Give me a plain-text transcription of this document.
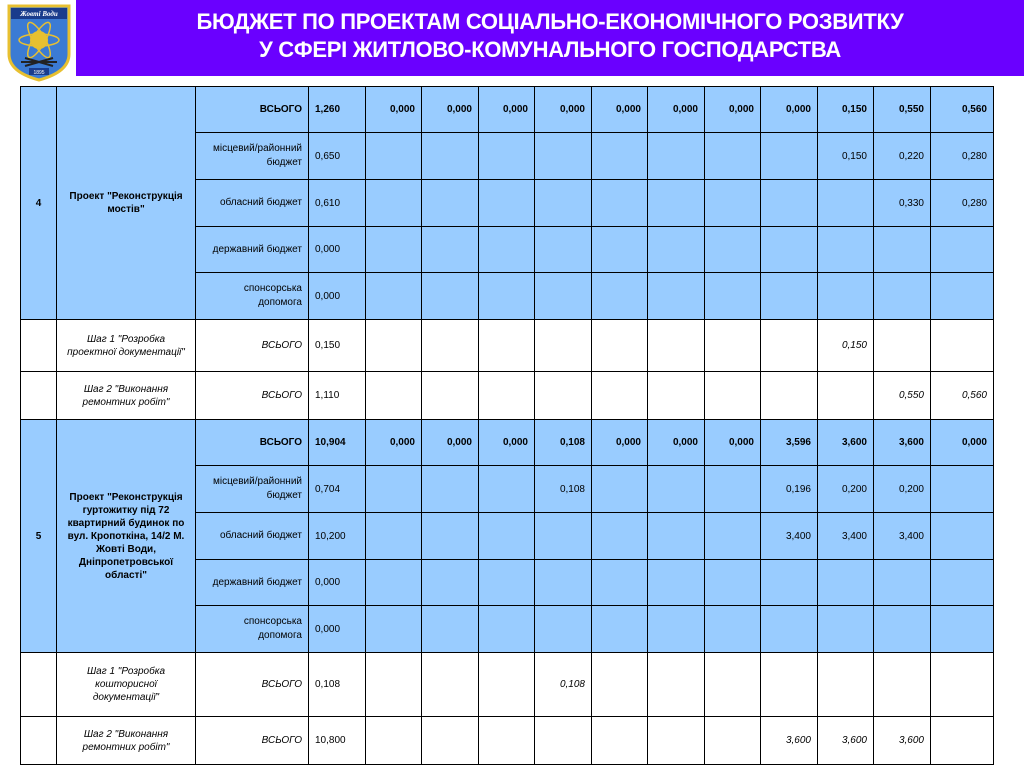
БЮДЖЕТ ПО ПРОЕКТАМ СОЦІАЛЬНО-ЕКОНОМІЧНОГО РОЗВИТКУ
У СФЕРІ ЖИТЛОВО-КОМУНАЛЬНОГО ГОСПОДАРСТВА
Жовті Води
1895
4	Проект "Реконструкція мостів"	ВСЬОГО	1,260	0,000	0,000	0,000	0,000	0,000	0,000	0,000	0,000	0,150	0,550	0,560
		місцевий/районний бюджет	0,650									0,150	0,220	0,280
		обласний бюджет	0,610										0,330	0,280
		державний бюджет	0,000											
		спонсорська допомога	0,000											
	Шаг 1 "Розробка проектної документації"	ВСЬОГО	0,150									0,150		
	Шаг 2 "Виконання ремонтних робіт"	ВСЬОГО	1,110										0,550	0,560
5	Проект "Реконструкція гуртожитку під 72 квартирний будинок по вул. Кропоткіна, 14/2 М. Жовті Води, Дніпропетровської області"	ВСЬОГО	10,904	0,000	0,000	0,000	0,108	0,000	0,000	0,000	3,596	3,600	3,600	0,000
		місцевий/районний бюджет	0,704				0,108				0,196	0,200	0,200	
		обласний бюджет	10,200								3,400	3,400	3,400	
		державний бюджет	0,000											
		спонсорська допомога	0,000											
	Шаг 1 "Розробка кошторисної документації"	ВСЬОГО	0,108				0,108							
	Шаг 2 "Виконання ремонтних робіт"	ВСЬОГО	10,800								3,600	3,600	3,600	
